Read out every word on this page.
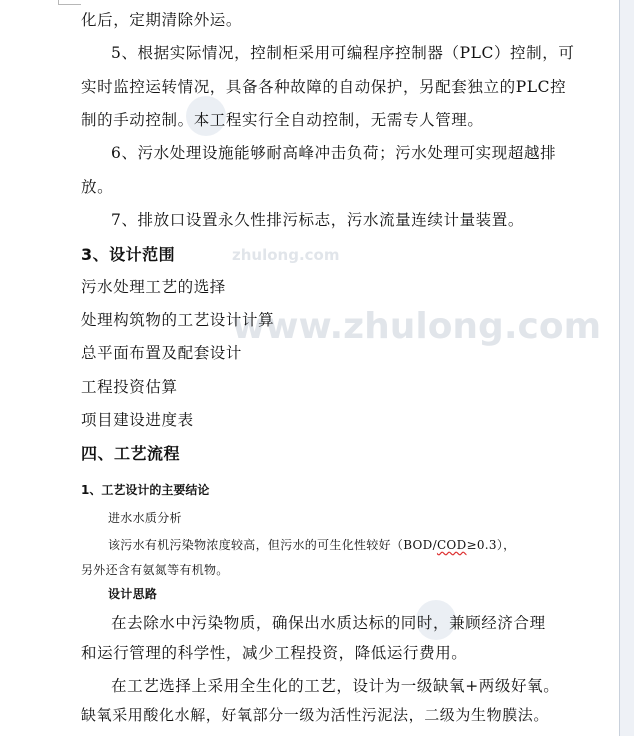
zhulong.com
www.zhulong.com
化后，定期清除外运。
5、根据实际情况，控制柜采用可编程序控制器（PLC）控制，可
实时监控运转情况，具备各种故障的自动保护，另配套独立的PLC控
制的手动控制。本工程实行全自动控制，无需专人管理。
6、污水处理设施能够耐高峰冲击负荷；污水处理可实现超越排
放。
7、排放口设置永久性排污标志，污水流量连续计量装置。
3、设计范围
污水处理工艺的选择
处理构筑物的工艺设计计算
总平面布置及配套设计
工程投资估算
项目建设进度表
四、工艺流程
1、工艺设计的主要结论
进水水质分析
该污水有机污染物浓度较高，但污水的可生化性较好（BOD/COD≥0.3），
另外还含有氨氮等有机物。
设计思路
在去除水中污染物质，确保出水质达标的同时，兼顾经济合理
和运行管理的科学性，减少工程投资，降低运行费用。
在工艺选择上采用全生化的工艺，设计为一级缺氧+两级好氧。
缺氧采用酸化水解，好氧部分一级为活性污泥法，二级为生物膜法。
